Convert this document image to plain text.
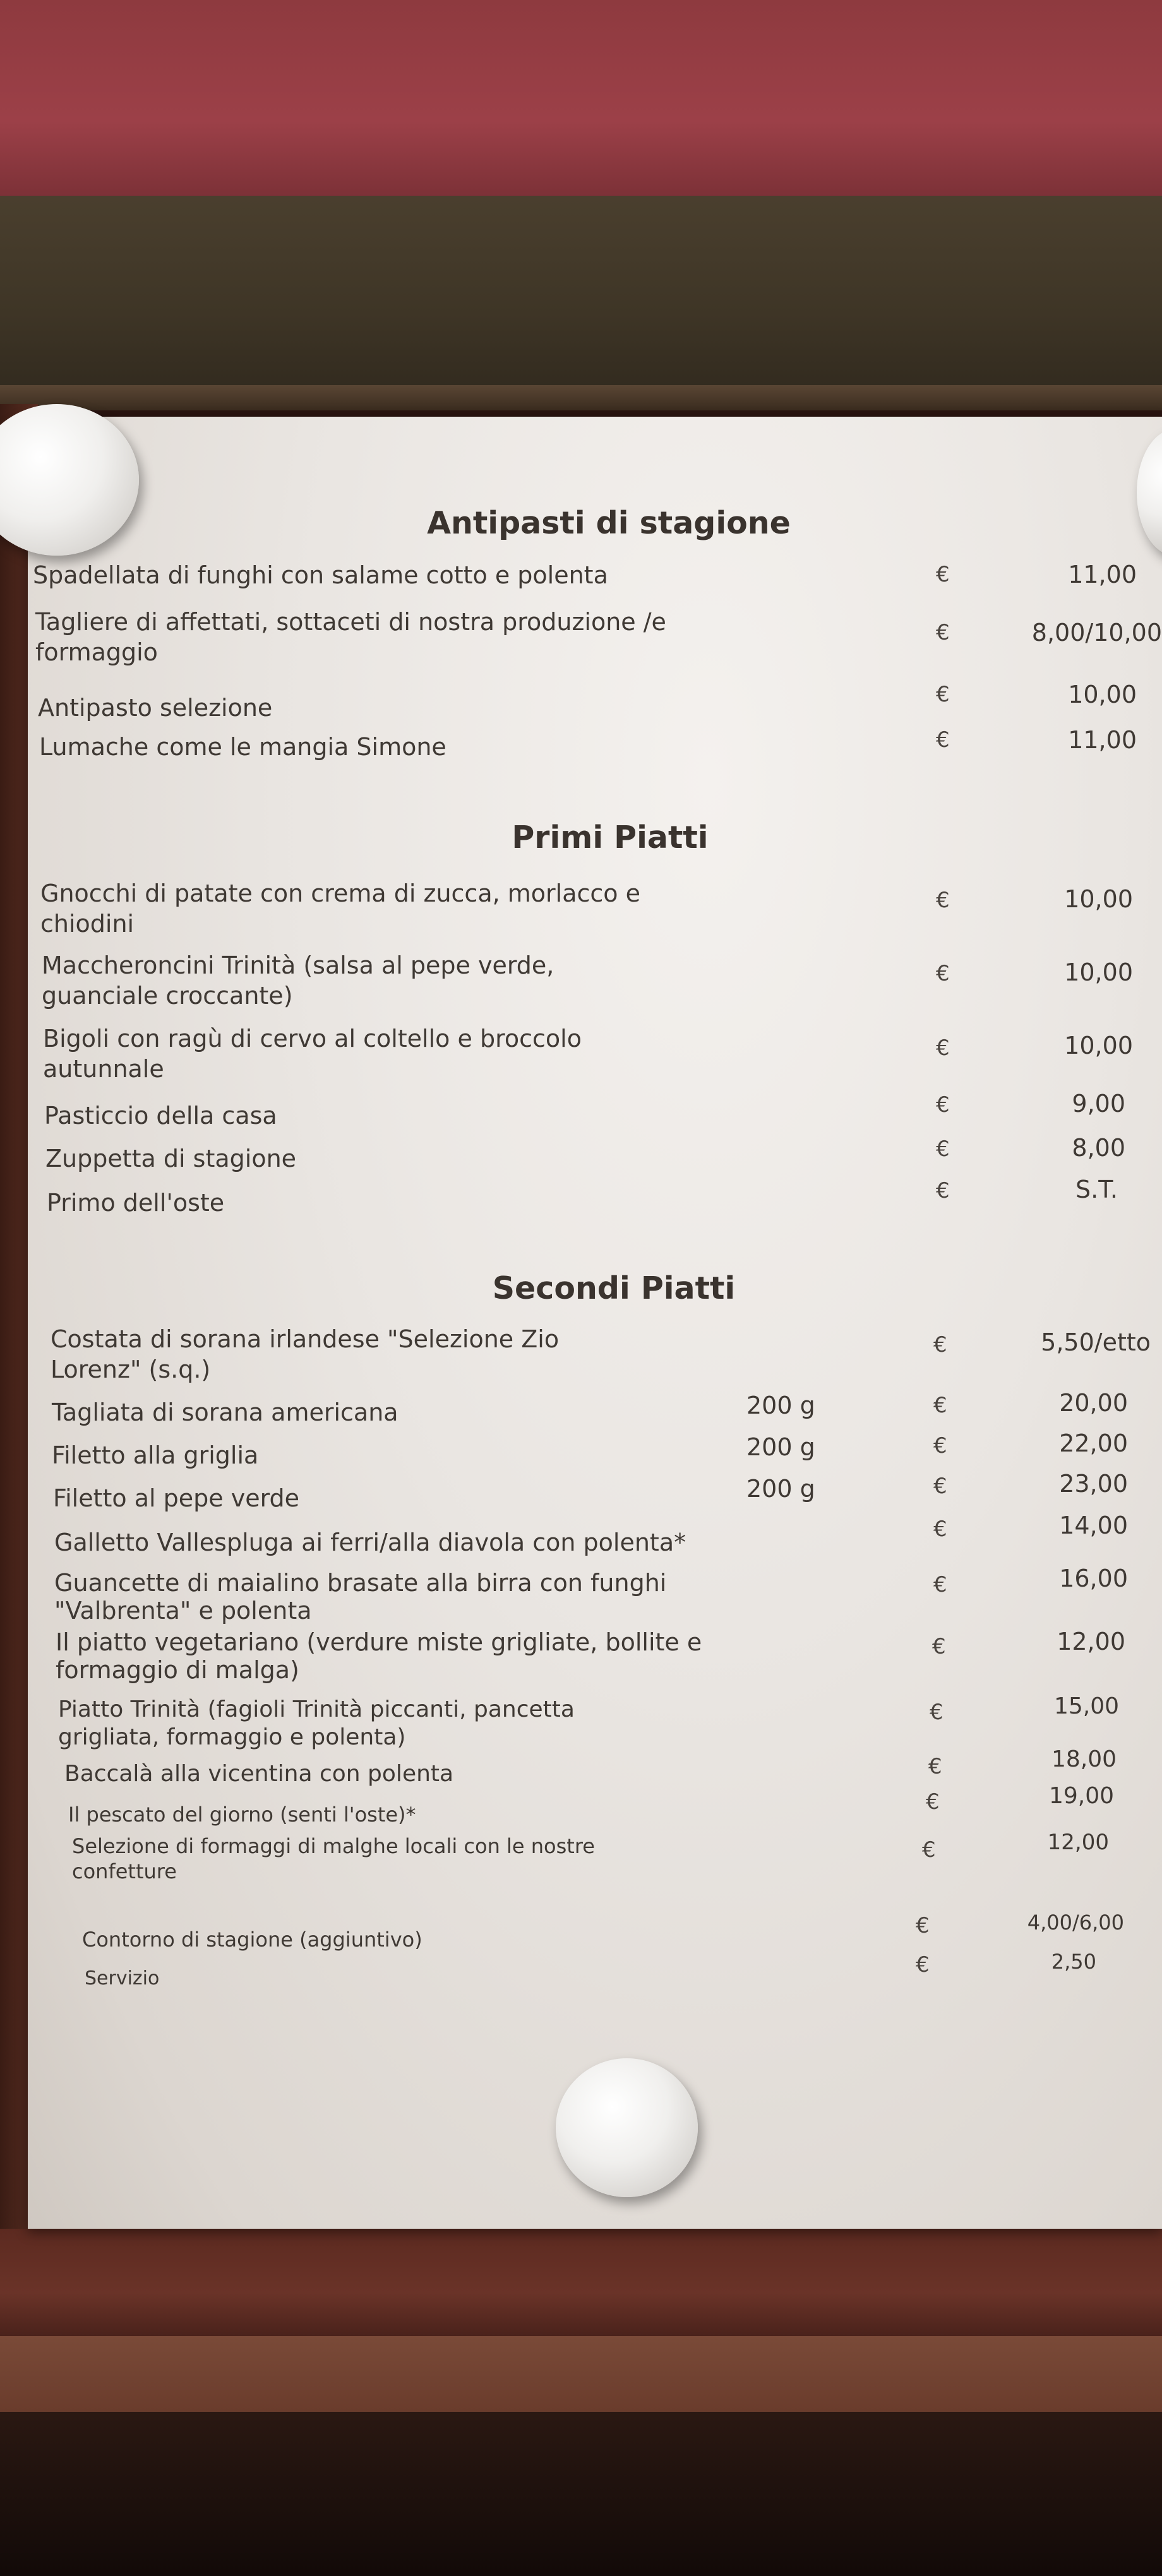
Antipasti di stagione
Spadellata di funghi con salame cotto e polenta	€	11,00
Tagliere di affettati, sottaceti di nostra produzione /e
formaggio
€	8,00/10,00
Antipasto selezione	€	10,00
Lumache come le mangia Simone	€	11,00
Primi Piatti
Gnocchi di patate con crema di zucca, morlacco e
chiodini
€	10,00
Maccheroncini Trinità (salsa al pepe verde,
guanciale croccante)
€	10,00
Bigoli con ragù di cervo al coltello e broccolo
autunnale
€	10,00
Pasticcio della casa	€	9,00
Zuppetta di stagione	€	8,00
Primo dell'oste	€	S.T.
Secondi Piatti
Costata di sorana irlandese "Selezione Zio
Lorenz" (s.q.)
€	5,50/etto
Tagliata di sorana americana	200 g	€	20,00
Filetto alla griglia	200 g	€	22,00
Filetto al pepe verde	200 g	€	23,00
Galletto Vallespluga ai ferri/alla diavola con polenta*	€	14,00
Guancette di maialino brasate alla birra con funghi
"Valbrenta" e polenta
€	16,00
Il piatto vegetariano (verdure miste grigliate, bollite e
formaggio di malga)
€	12,00
Piatto Trinità (fagioli Trinità piccanti, pancetta
grigliata, formaggio e polenta)
€	15,00
Baccalà alla vicentina con polenta	€	18,00
Il pescato del giorno (senti l'oste)*	€	19,00
Selezione di formaggi di malghe locali con le nostre
confetture
€	12,00
Contorno di stagione (aggiuntivo)
€	4,00/6,00
Servizio
€	2,50
